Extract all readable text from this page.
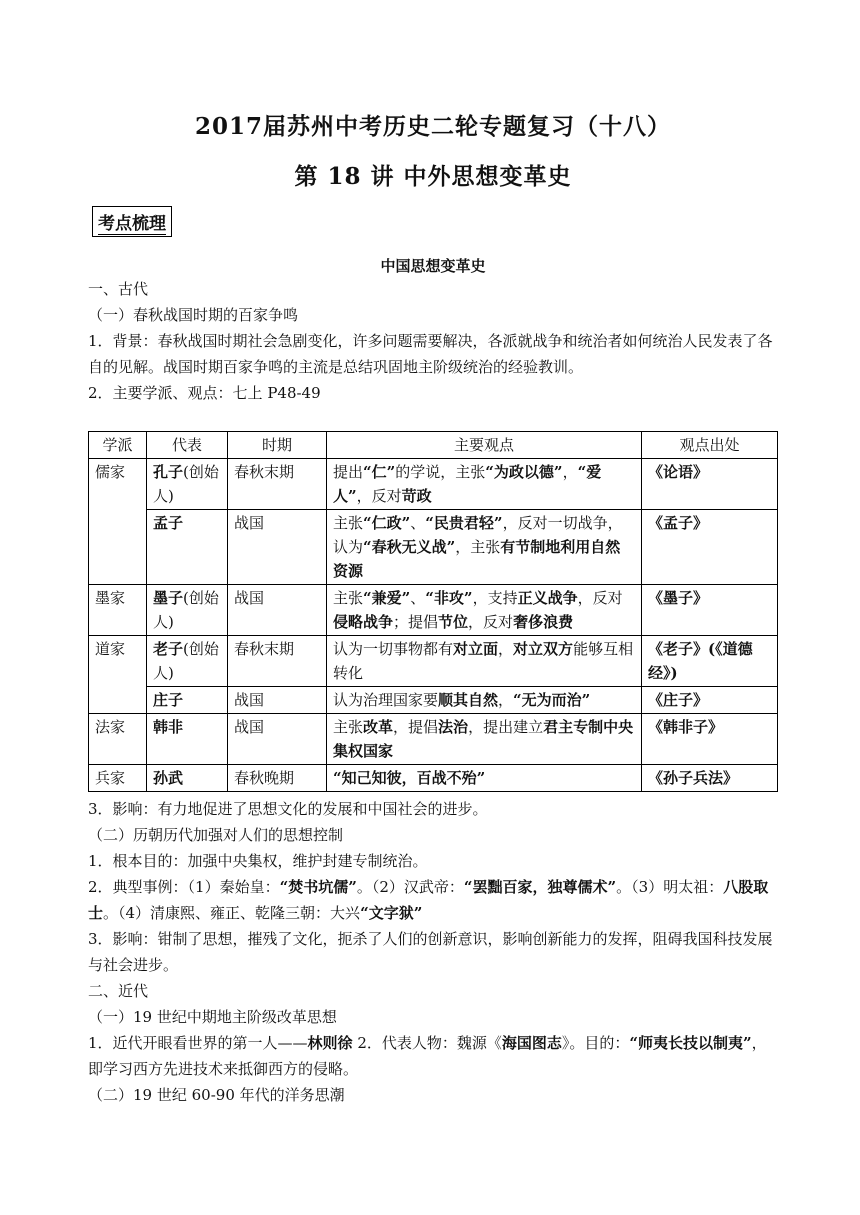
2017届苏州中考历史二轮专题复习（十八）
第 18 讲 中外思想变革史
考点梳理
中国思想变革史

一、古代

（一）春秋战国时期的百家争鸣

1．背景：春秋战国时期社会急剧变化，许多问题需要解决，各派就战争和统治者如何统治人民发表了各自的见解。战国时期百家争鸣的主流是总结巩固地主阶级统治的经验教训。

2．主要学派、观点：七上 P48-49

学派	代表	时期	主要观点	观点出处
儒家	孔子(创始人)	春秋末期	提出“仁”的学说，主张“为政以德”，“爱人”，反对苛政	《论语》
	孟子	战国	主张“仁政”、“民贵君轻”，反对一切战争，认为“春秋无义战”，主张有节制地利用自然资源	《孟子》
墨家	墨子(创始人)	战国	主张“兼爱”、“非攻”，支持正义战争，反对侵略战争；提倡节位，反对奢侈浪费	《墨子》
道家	老子(创始人)	春秋末期	认为一切事物都有对立面，对立双方能够互相转化	《老子》(《道德经》)
	庄子	战国	认为治理国家要顺其自然，“无为而治”	《庄子》
法家	韩非	战国	主张改革，提倡法治，提出建立君主专制中央集权国家	《韩非子》
兵家	孙武	春秋晚期	“知己知彼，百战不殆”	《孙子兵法》

3．影响：有力地促进了思想文化的发展和中国社会的进步。

（二）历朝历代加强对人们的思想控制

1．根本目的：加强中央集权，维护封建专制统治。

2．典型事例：（1）秦始皇：“焚书坑儒”。（2）汉武帝：“罢黜百家，独尊儒术”。（3）明太祖：八股取士。（4）清康熙、雍正、乾隆三朝：大兴“文字狱”

3．影响：钳制了思想，摧残了文化，扼杀了人们的创新意识，影响创新能力的发挥，阻碍我国科技发展与社会进步。

二、近代

（一）19 世纪中期地主阶级改革思想

1．近代开眼看世界的第一人——林则徐 2．代表人物：魏源《海国图志》。目的：“师夷长技以制夷”，即学习西方先进技术来抵御西方的侵略。

（二）19 世纪 60-90 年代的洋务思潮
